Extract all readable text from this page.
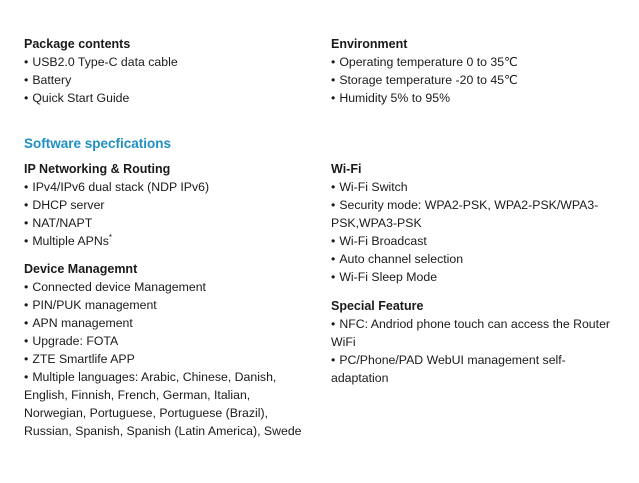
Package contents

• USB2.0 Type-C data cable
• Battery
• Quick Start Guide

IP Networking & Routing

• IPv4/IPv6 dual stack (NDP IPv6)
• DHCP server
• NAT/NAPT
• Multiple APNs*

Device Managemnt

• Connected device Management
• PIN/PUK management
• APN management
• Upgrade: FOTA
• ZTE Smartlife APP
• Multiple languages: Arabic, Chinese, Danish,
English, Finnish, French, German, Italian,
Norwegian, Portuguese, Portuguese (Brazil),
Russian, Spanish, Spanish (Latin America), Swede

Software specfications

Environment

• Operating temperature 0 to 35℃
• Storage temperature -20 to 45℃
• Humidity 5% to 95%

Wi-Fi

• Wi-Fi Switch
• Security mode: WPA2-PSK, WPA2-PSK/WPA3-
PSK,WPA3-PSK
• Wi-Fi Broadcast
• Auto channel selection
• Wi-Fi Sleep Mode

Special Feature

• NFC: Andriod phone touch can access the Router
WiFi
• PC/Phone/PAD WebUI management self-
adaptation
